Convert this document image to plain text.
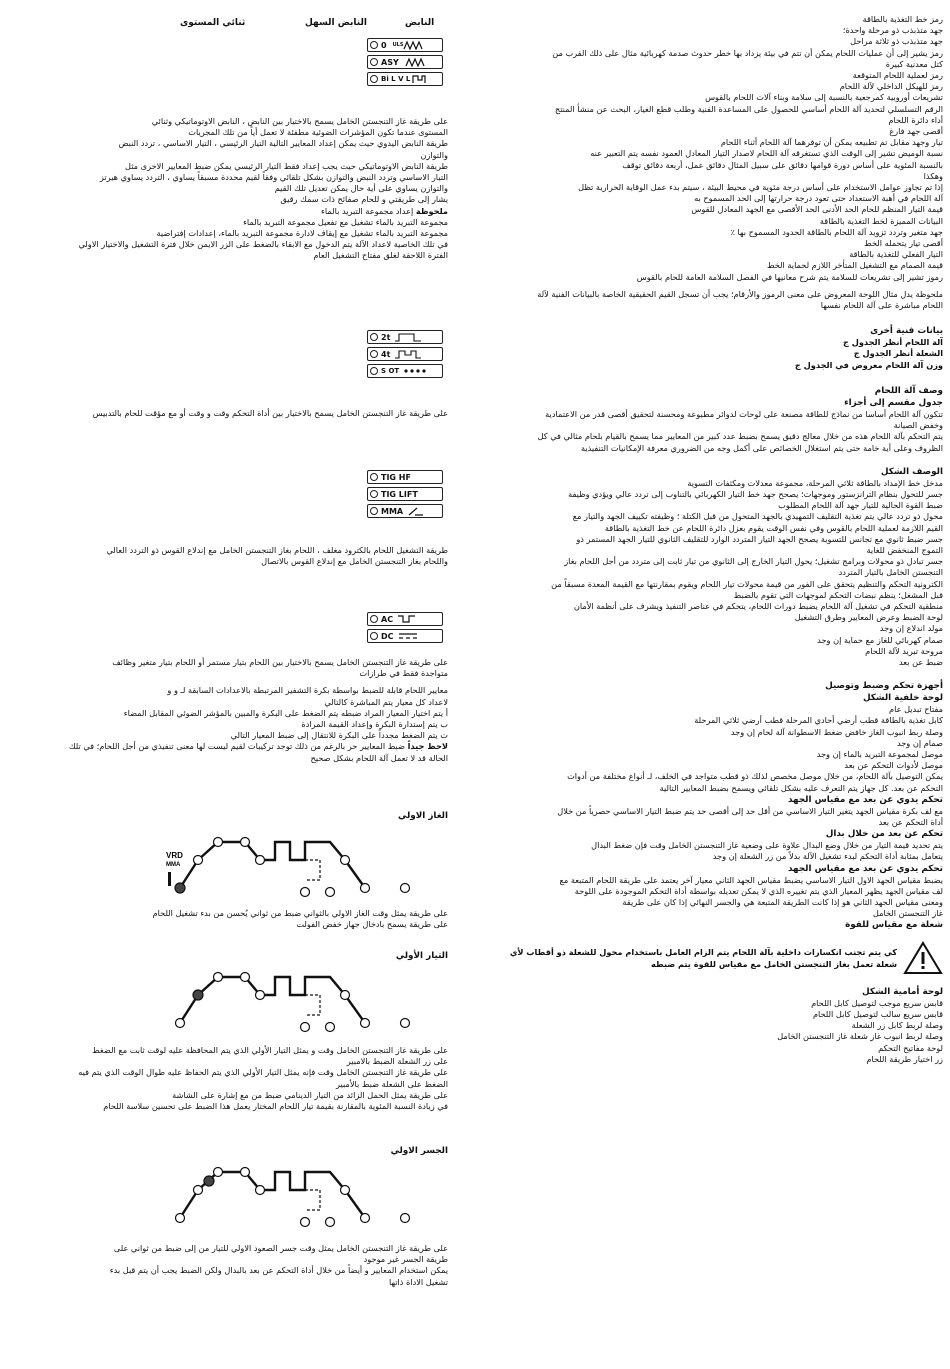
رمز خط التغذية بالطاقة

جهد متذبذب ذو مرحلة واحدة؛

جهد متذبذب ذو ثلاثة مراحل

رمز يشير إلى أن عمليات اللحام يمكن أن تتم في بيئة يزداد بها خطر حدوث صدمة كهربائية مثال على ذلك القرب من

كتل معدنية كبيرة

رمز لعملية اللحام المتوقعة

رمز للهيكل الداخلي لآلة اللحام

تشريعات أوروبية كمرجعية بالنسبة إلى سلامة وبناء آلات اللحام بالقوس

الرقم التسلسلي لتحديد آلة اللحام أساسي للحصول على المساعدة الفنية وطلب قطع الغيار، البحث عن منشأ المنتج

أداء دائرة اللحام

أقصى جهد فارغ

تيار وجهد مقابل تم تطبيعه يمكن أن توفرهما آلة اللحام أثناء اللحام

نسبة الوميض تشير إلى الوقت الذي تستغرقه آلة اللحام لاصدار التيار المعادل العمود نفسه يتم التعبير عنه

بالنسبة المئوية على أساس دورة قوامها دقائق على سبيل المثال دقائق عمل، أربعة دقائق توقف

وهكذا

إذا تم تجاوز عوامل الاستخدام على أساس درجة مئوية في محيط البيئة ، سيتم بدء عمل الوقاية الحرارية تظل

آلة اللحام في أهبة الاستعداد حتى تعود درجة حرارتها إلى الحد المسموح به

قيمة التيار المنظم للحام الحد الأدنى الحد الأقصى مع الجهد المعادل للقوس

البيانات المميزة لخط التغذية بالطاقة

جهد متغير وتردد تزويد آلة اللحام بالطاقة الحدود المسموح بها ٪

أقصى تيار يتحمله الخط

التيار الفعلي للتغذية بالطاقة

قيمة الصمام مع التشغيل المتأخر اللازم لحماية الخط

رموز تشير إلى تشريعات للسلامة يتم شرح معانيها في الفصل السلامة العامة للحام بالقوس

ملحوظة يدل مثال اللوحة المعروض على معنى الرموز والأرقام؛ يجب أن تسجل القيم الحقيقية الخاصة بالبيانات الفنية لآلة

اللحام مباشرة على آلة اللحام نفسها

بيانات فنية أخرى

آلة اللحام أنظر الجدول ج

الشعلة أنظر الجدول ج

وزن آلة اللحام معروض في الجدول ج

وصف آلة اللحام

جدول مقسم إلى أجزاء

تتكون آلة اللحام أساسا من نماذج للطاقة مصنعة على لوحات لدوائر مطبوعة ومحسنة لتحقيق أقصى قدر من الاعتمادية

وخفض الصيانة

يتم التحكم بآلة اللحام هذه من خلال معالج دقيق يسمح بضبط عدد كبير من المعايير مما يسمح بالقيام بلحام مثالي في كل

الظروف وعلى أية خامة حتى يتم استغلال الخصائص على أكمل وجه من الضروري معرفة الإمكانيات التنفيذية

الوصف الشكل

مدخل خط الإمداد بالطاقة ثلاثي المرحلة، مجموعة معدلات ومكثفات التسوية

جسر للتحول بنظام الترانزستور وموجهات؛ يصحح جهد خط التيار الكهربائي بالتناوب إلى تردد عالي ويؤدي وظيفة

ضبط القوة الحالية للتيار جهد آلة اللحام المطلوب

محول ذو تردد عالي يتم تغذية التقليف التمهيدي بالجهد المتحول من قبل الكتلة ؛ وظيفته تكييف الجهد والتيار مع

القيم اللازمة لعملية اللحام بالقوس وفي نفس الوقت يقوم بعزل دائرة اللحام عن خط التغذية بالطاقة

جسر ضبط ثانوي مع تجانس للتسوية يصحح الجهد التيار المتردد الوارد للتقليف الثانوي للتيار الجهد المستمر ذو

التموج المنخفض للغاية

جسر تبادل ذو محولات وبرامج تشغيل؛ يحول التيار الخارج إلى الثانوي من تيار ثابت إلى متردد من أجل اللحام بغاز

التنجستن الخامل بالتيار المتردد

الكترونية التحكم والتنظيم يتحقق على الفور من قيمة محولات تيار اللحام ويقوم بمقارنتها مع القيمة المعدة مسبقاً من

قبل المشغل؛ ينظم نبضات التحكم لموجهات التي تقوم بالضبط

منطقية التحكم في تشغيل آلة اللحام يضبط دورات اللحام، يتحكم في عناصر التنفيذ ويشرف على أنظمة الأمان

لوحة الضبط وعرض المعايير وطرق التشغيل

مولد اندلاع إن وجد

صمام كهربائي للغاز مع حماية إن وجد

مروحة تبريد لآلة اللحام

ضبط عن بعد

أجهزة تحكم وضبط وتوصيل

لوحة خلفية الشكل

مفتاح تبديل عام

كابل تغذية بالطاقة قطب أرضي أحادي المرحلة قطب أرضي ثلاثي المرحلة

وصلة ربط انبوب الغاز خافض ضغط الاسطوانة آلة لحام إن وجد

صمام إن وجد

موصل لمجموعة التبريد بالماء إن وجد

موصل لأدوات التحكم عن بعد

يمكن التوصيل بآلة اللحام، من خلال موصل مخصص لذلك ذو قطب متواجد في الخلف، لـ أنواع مختلفة من أدوات

التحكم عن بعد. كل جهاز يتم التعرف عليه بشكل تلقائي ويسمح بضبط المعايير التالية

تحكم يدوي عن بعد مع مقياس الجهد

مع لف بكرة مقياس الجهد يتغير التيار الاساسي من أقل حد إلى أقصى حد يتم ضبط التيار الاساسي حصرياً من خلال

أداة التحكم عن بعد

تحكم عن بعد من خلال بدال

يتم تحديد قيمة التيار من خلال وضع البدال علاوة على وضعية غاز التنجستن الخامل وقت فإن ضغط البدال

يتعامل بمثابة أداة التحكم لبدء تشغيل الآلة بدلاً من زر الشعلة إن وجد

تحكم يدوي عن بعد مع مقياس الجهد

يضبط مقياس الجهد الاول التيار الاساسي يضبط مقياس الجهد الثاني معيار آخر يعتمد على طريقة اللحام المتبعة مع

لف مقياس الجهد يظهر المعيار الذي يتم تغييره الذي لا يمكن تعديله بواسطة أداة التحكم الموجودة على اللوحة

ومعنى مقياس الجهد الثاني هو إذا كانت الطريقة المتبعة هي والجسر النهائي إذا كان على طريقة

غاز التنجستن الخامل

شعلة مع مقياس للقوة

كي يتم تجنب انكسارات داخلية بآلة اللحام يتم الزام العامل باستخدام محول للشعلة ذو أقطاب لأي

شعلة تعمل بغاز التنجستن الخامل مع مقياس للقوة يتم ضبطه

لوحة أمامية الشكل

قابس سريع موجب لتوصيل كابل اللحام

قابس سريع سالب لتوصيل كابل اللحام

وصلة لربط كابل زر الشعلة

وصلة لربط انبوب غاز شعلة غاز التنجستن الخامل

لوحة مفاتيح التحكم

زر اختيار طريقة اللحام

النابض
النابض السهل
ثنائي المستوى
0 ULS
ASY
Bi L V L

على طريقة غاز التنجستن الخامل يسمح بالاختيار بين النابض ، النابض الاوتوماتيكي وثنائي

المستوى عندما تكون المؤشرات الضوئية مطفئة لا تعمل أياً من تلك المجريات

طريقة النابض اليدوي حيث يمكن إعداد المعايير التالية التيار الرئيسي ، التيار الاساسي ، تردد النبض

والتوازن

طريقة النابض الاوتوماتيكي حيث يجب إعداد فقط التيار الرئيسي يمكن ضبط المعايير الاخرى مثل

التيار الاساسي وتردد النبض والتوازن بشكل تلقائي وفقاً لقيم محددة مسبقاً يساوي ، التردد يساوي هيرتز

والتوازن يساوي على أية حال يمكن تعديل تلك القيم

يشار إلى طريقتي و للحام صفائح ذات سمك رقيق

ملحوظة إعداد مجموعة التبريد بالماء

مجموعة التبريد بالماء تشغيل مع تفعيل مجموعة التبريد بالماء

مجموعة التبريد بالماء تشغيل مع إيقاف لادارة مجموعة التبريد بالماء، إعدادات إفتراضية

في تلك الخاصية لاعداد الآلة يتم الدخول مع الابقاء بالضغط على الزر الايمن خلال فترة التشغيل والاختيار الاولي

الفترة اللاحقة لغلق مفتاح التشغيل العام

2t
4t
S OT

على طريقة غاز التنجستن الخامل يسمح بالاختيار بين أداة التحكم وقت و وقت أو مع مؤقت للحام بالتدبيس

TIG HF
TIG LIFT
MMA

طريقة التشغيل اللحام بالكترود مغلف ، اللحام بغاز التنجستن الخامل مع إندلاع القوس ذو التردد العالي

واللحام بغاز التنجستن الخامل مع إندلاع القوس بالاتصال

AC
DC

على طريقة غاز التنجستن الخامل يسمح بالاختيار بين اللحام بتيار مستمر أو اللحام بتيار متغير وظائف

متواجدة فقط في طرازات

معايير اللحام قابلة للضبط بواسطة بكرة التشفير المرتبطة بالاعدادات السابقة لـ و و

لاعداد كل معيار يتم المباشرة كالتالي

أ يتم اختيار المعيار المراد ضبطه يتم الضغط على البكرة والمبين بالمؤشر الضوئي المقابل المضاء

ب يتم إستدارة البكرة وإعداد القيمة المرادة

ت يتم الضغط مجدداً على البكرة للانتقال إلى ضبط المعيار التالي

لاحظ جيداً ضبط المعايير حر بالرغم من ذلك توجد تركيبات لقيم ليست لها معنى تنفيذي من أجل اللحام؛ في تلك

الحالة قد لا تعمل آلة اللحام بشكل صحيح

الغاز الاولي

VRD
MMA

على طريقة يمثل وقت الغاز الاولي بالثواني ضبط من ثواني يُحسن من بدء تشغيل اللحام

على طريقة يسمح بادخال جهاز خفض الفولت

التيار الأولي

على طريقة غاز التنجستن الخامل وقت و يمثل التيار الأولي الذي يتم المحافظة عليه لوقت ثابت مع الضغط

على زر الشعلة الضبط بالامبير

على طريقة غاز التنجستن الخامل وقت فإنه يمثل التيار الأولي الذي يتم الحفاظ عليه طوال الوقت الذي يتم فيه

الضغط على الشعلة ضبط بالأمبير

على طريقة يمثل الحمل الزائد من التيار الدينامي ضبط من مع إشارة على الشاشة

في زيادة النسبة المئوية بالمقارنة بقيمة تيار اللحام المختار يعمل هذا الضبط على تحسين سلاسة اللحام

الجسر الاولي

على طريقة غاز التنجستن الخامل يمثل وقت جسر الصعود الاولي للتيار من إلى ضبط من ثواني على

طريقة الجسر غير موجود

يمكن استخدام المعايير و أيضاً من خلال أداة التحكم عن بعد بالبدال ولكن الضبط يجب أن يتم قبل بدء

تشغيل الاداة ذاتها
